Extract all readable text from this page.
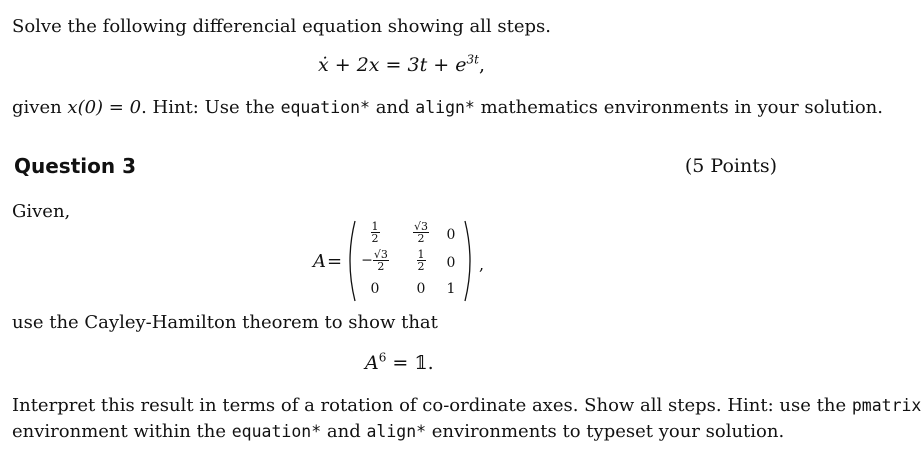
Solve the following differencial equation showing all steps.
ẋ + $2x = 3t + e^{3t}$,
given x(0) = 0. Hint: Use the equation* and align* mathematics environments in your solution.
Question 3	(5 Points)
Given,
A =
$\frac{1}{2}$	$\frac{√3}{2}$	0
− $\frac{√3}{2}$	$\frac{1}{2}$	0
0	0	1
,
use the Cayley-Hamilton theorem to show that
$A^6$ = 𝟙.
Interpret this result in terms of a rotation of co-ordinate axes. Show all steps. Hint: use the pmatrix
environment within the equation* and align* environments to typeset your solution.
